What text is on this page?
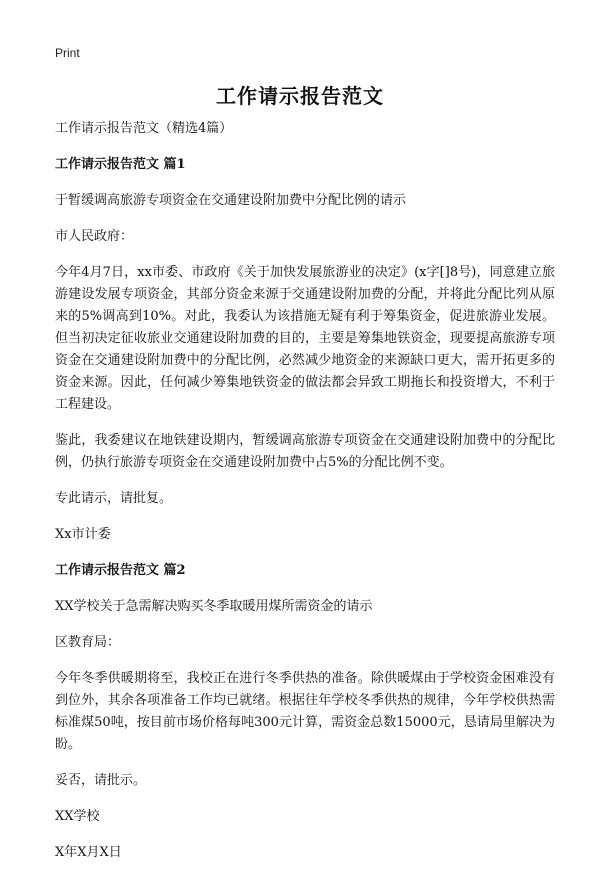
Print
工作请示报告范文

工作请示报告范文（精选4篇）

工作请示报告范文 篇1

于暂缓调高旅游专项资金在交通建设附加费中分配比例的请示

市人民政府：

今年4月7日，xx市委、市政府《关于加快发展旅游业的决定》(x字[]8号)，同意建立旅游建设发展专项资金，其部分资金来源于交通建设附加费的分配，并将此分配比列从原来的5%调高到10%。对此，我委认为该措施无疑有利于筹集资金，促进旅游业发展。但当初决定征收旅业交通建设附加费的目的，主要是筹集地铁资金，现要提高旅游专项资金在交通建设附加费中的分配比例，必然减少地资金的来源缺口更大，需开拓更多的资金来源。因此，任何减少筹集地铁资金的做法都会异致工期拖长和投资增大，不利于工程建设。

鉴此，我委建议在地铁建设期内，暂缓调高旅游专项资金在交通建设附加费中的分配比例，仍执行旅游专项资金在交通建设附加费中占5%的分配比例不变。

专此请示，请批复。

Xx市计委

工作请示报告范文 篇2

XX学校关于急需解决购买冬季取暖用煤所需资金的请示

区教育局：

今年冬季供暖期将至，我校正在进行冬季供热的准备。除供暖煤由于学校资金困难没有到位外，其余各项准备工作均已就绪。根据往年学校冬季供热的规律，今年学校供热需标准煤50吨，按目前市场价格每吨300元计算，需资金总数15000元，恳请局里解决为盼。

妥否，请批示。

XX学校

X年X月X日
